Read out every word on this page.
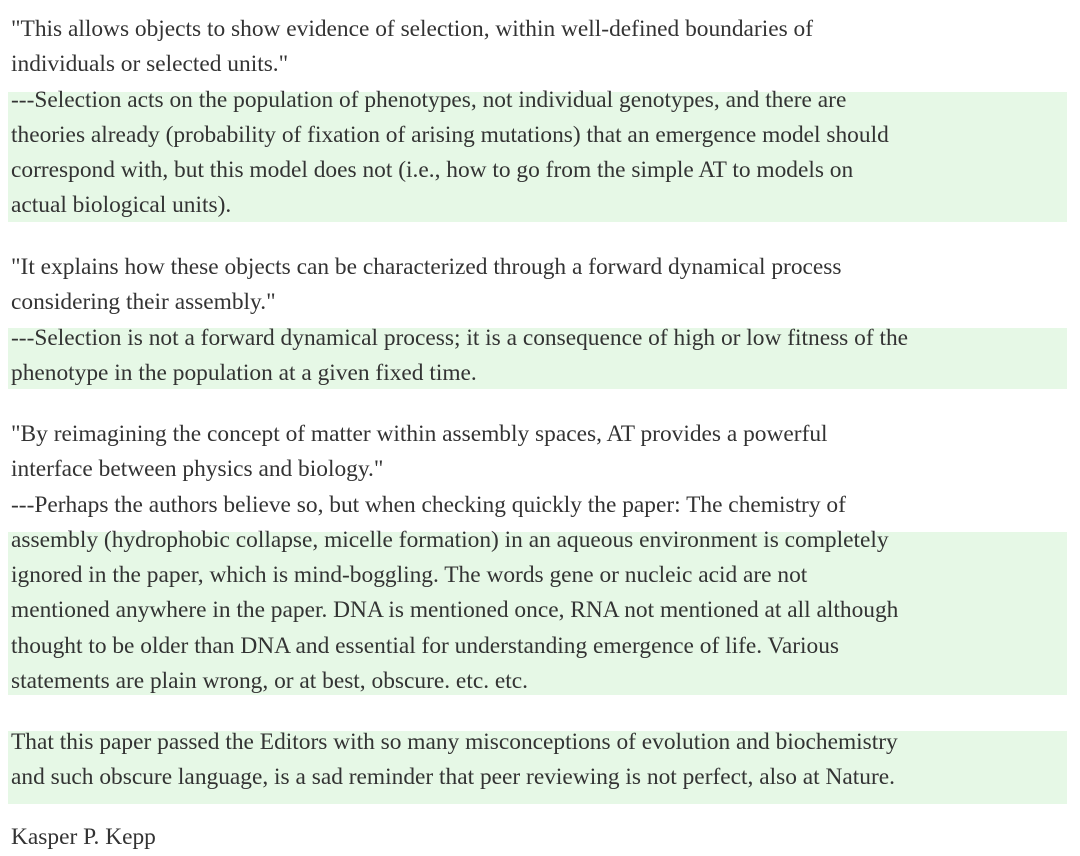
"This allows objects to show evidence of selection, within well-defined boundaries of
individuals or selected units."
---Selection acts on the population of phenotypes, not individual genotypes, and there are
theories already (probability of fixation of arising mutations) that an emergence model should
correspond with, but this model does not (i.e., how to go from the simple AT to models on
actual biological units).
"It explains how these objects can be characterized through a forward dynamical process
considering their assembly."
---Selection is not a forward dynamical process; it is a consequence of high or low fitness of the
phenotype in the population at a given fixed time.
"By reimagining the concept of matter within assembly spaces, AT provides a powerful
interface between physics and biology."
---Perhaps the authors believe so, but when checking quickly the paper: The chemistry of
assembly (hydrophobic collapse, micelle formation) in an aqueous environment is completely
ignored in the paper, which is mind-boggling. The words gene or nucleic acid are not
mentioned anywhere in the paper. DNA is mentioned once, RNA not mentioned at all although
thought to be older than DNA and essential for understanding emergence of life. Various
statements are plain wrong, or at best, obscure. etc. etc.
That this paper passed the Editors with so many misconceptions of evolution and biochemistry
and such obscure language, is a sad reminder that peer reviewing is not perfect, also at Nature.
Kasper P. Kepp
